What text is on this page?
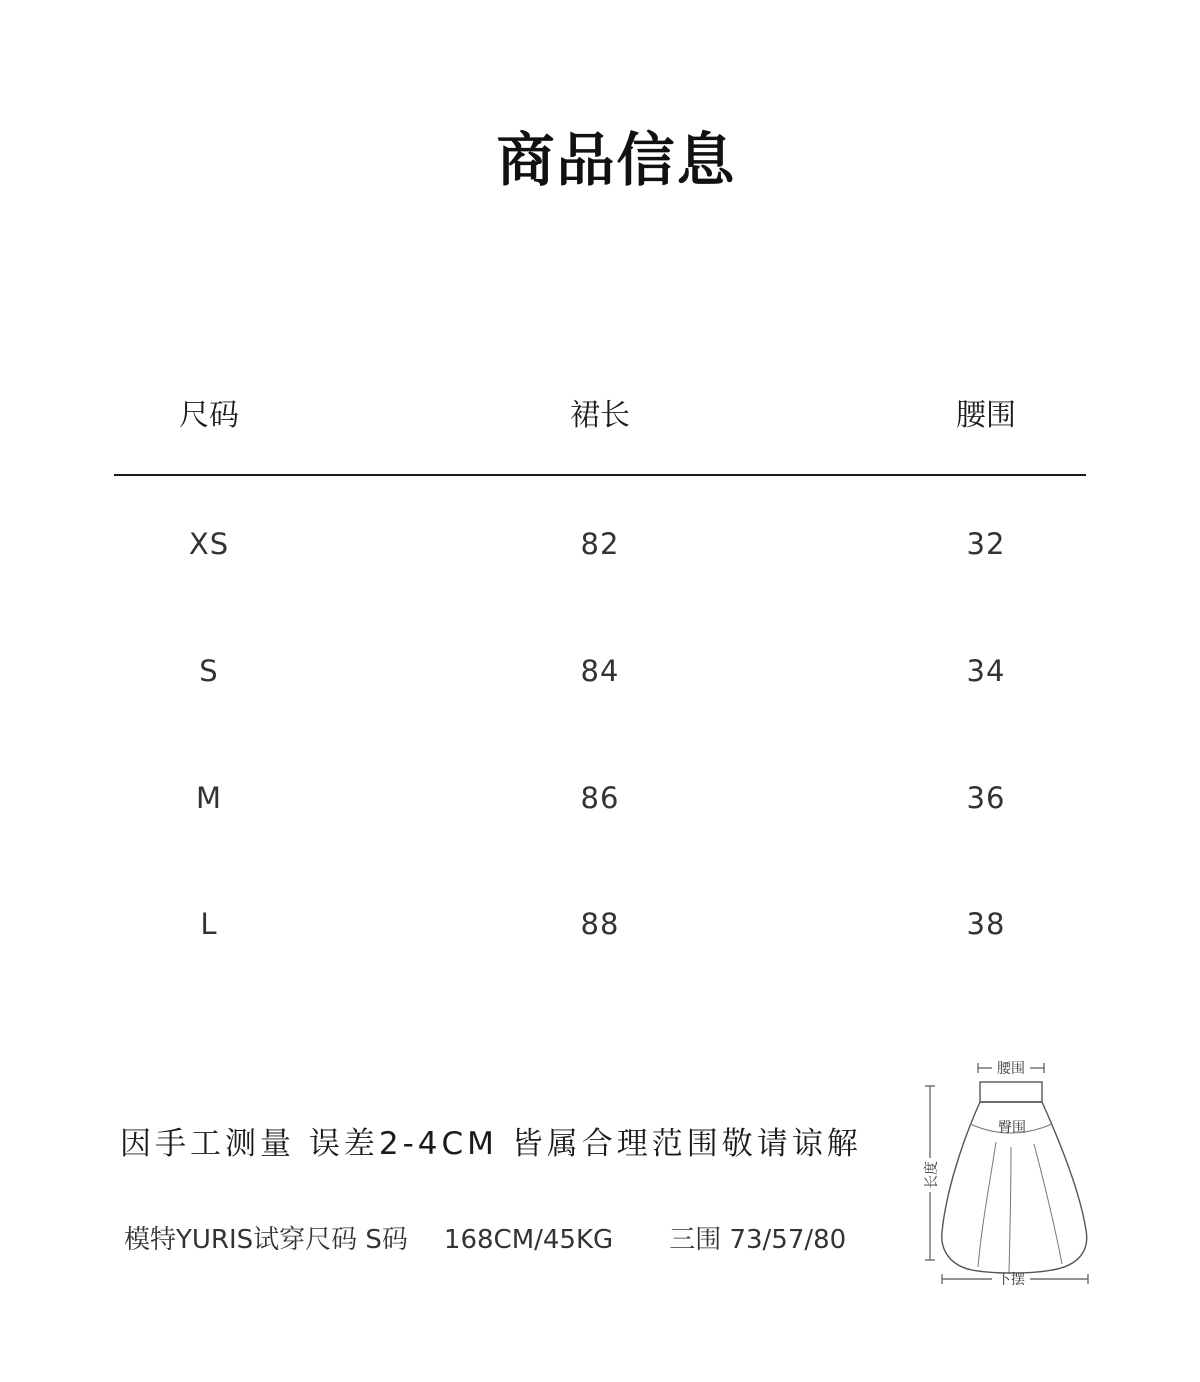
商品信息
尺码	裙长	腰围
XS	82	32
S	84	34
M	86	36
L	88	38
因手工测量 误差2-4CM 皆属合理范围敬请谅解
模特YURIS试穿尺码 S码 168CM/45KG 三围 73/57/80
腰围
臀围
长度
下摆
